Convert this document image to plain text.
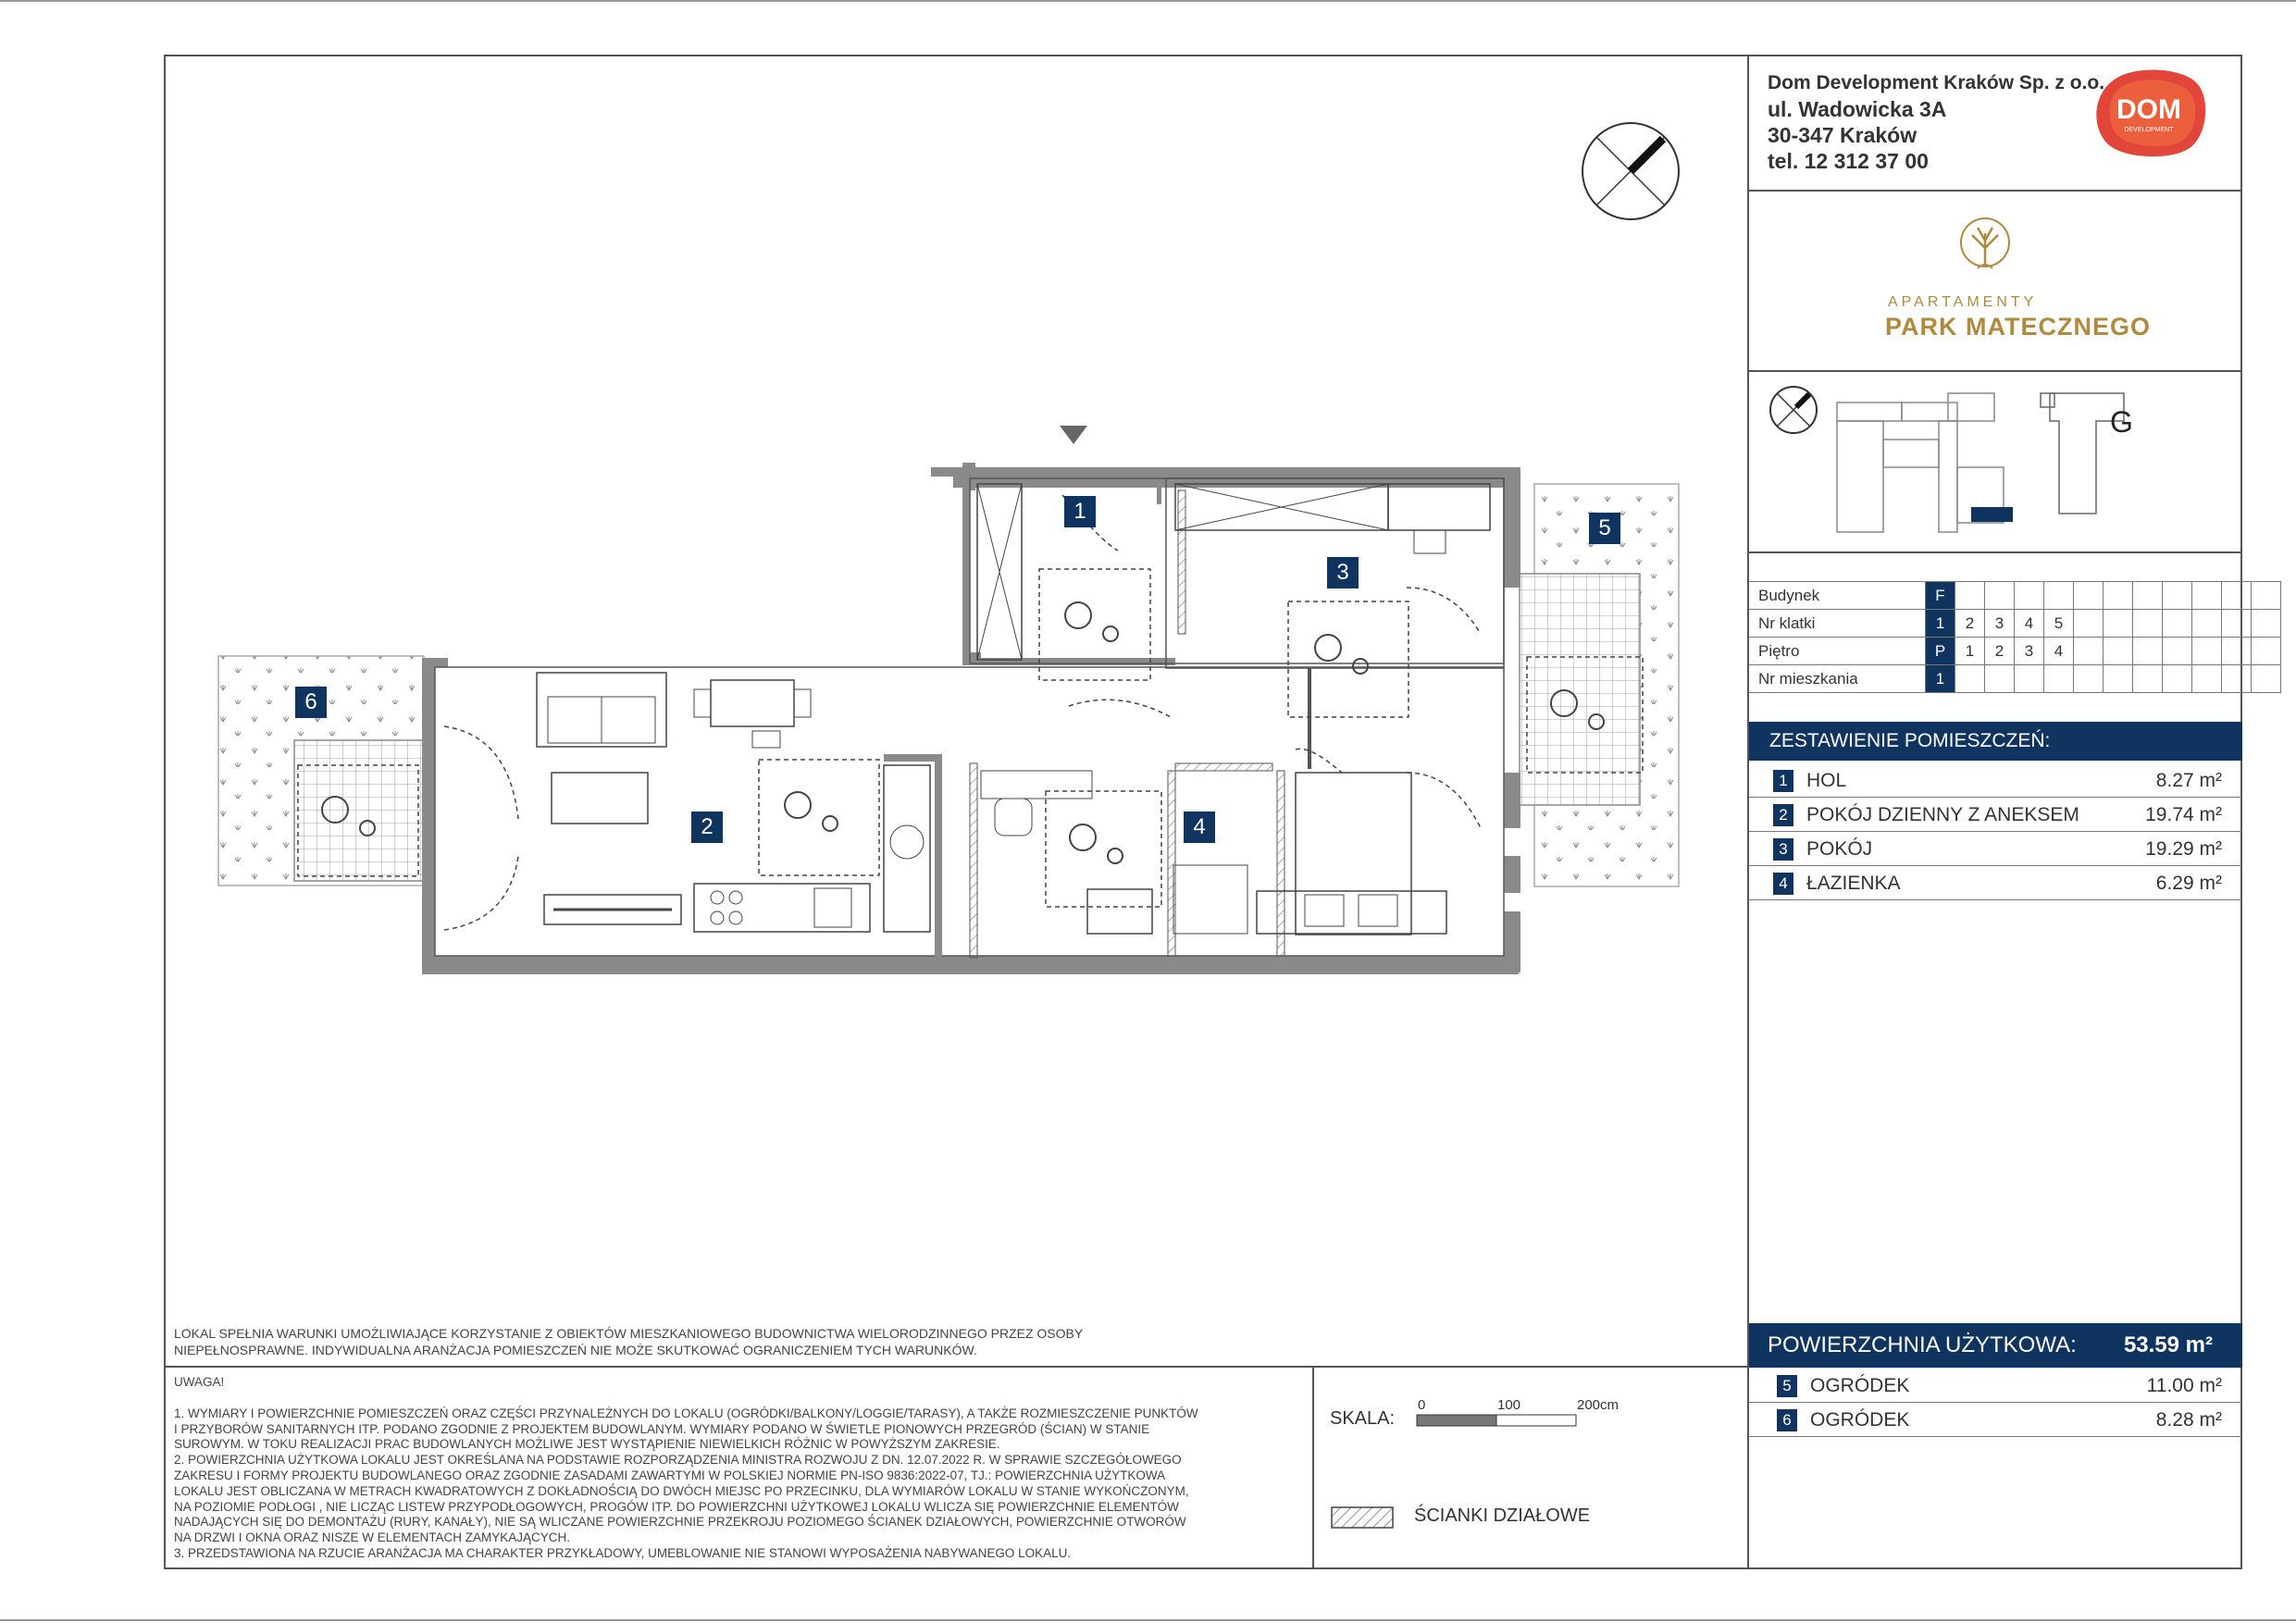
Dom Development Kraków Sp. z o.o.
ul. Wadowicka 3A
30-347 Kraków
tel. 12 312 37 00
DOM
DEVELOPMENT
APARTAMENTY
PARK MATECZNEGO
G
Budynek	F											
Nr klatki	1	2	3	4	5							
Piętro	P	1	2	3	4							
Nr mieszkania	1											
ZESTAWIENIE POMIESZCZEŃ:
1 HOL	8.27 m²
2 POKÓJ DZIENNY Z ANEKSEM	19.74 m²
3 POKÓJ	19.29 m²
4 ŁAZIENKA	6.29 m²
POWIERZCHNIA UŻYTKOWA: 53.59 m²
5 OGRÓDEK	11.00 m²
6 OGRÓDEK	8.28 m²
1
2
3
4
5
6
LOKAL SPEŁNIA WARUNKI UMOŻLIWIAJĄCE KORZYSTANIE Z OBIEKTÓW MIESZKANIOWEGO BUDOWNICTWA WIELORODZINNEGO PRZEZ OSOBY
NIEPEŁNOSPRAWNE. INDYWIDUALNA ARANŻACJA POMIESZCZEŃ NIE MOŻE SKUTKOWAĆ OGRANICZENIEM TYCH WARUNKÓW.
UWAGA!
1. WYMIARY I POWIERZCHNIE POMIESZCZEŃ ORAZ CZĘŚCI PRZYNALEŻNYCH DO LOKALU (OGRÓDKI/BALKONY/LOGGIE/TARASY), A TAKŻE ROZMIESZCZENIE PUNKTÓW
I PRZYBORÓW SANITARNYCH ITP. PODANO ZGODNIE Z PROJEKTEM BUDOWLANYM. WYMIARY PODANO W ŚWIETLE PIONOWYCH PRZEGRÓD (ŚCIAN) W STANIE
SUROWYM. W TOKU REALIZACJI PRAC BUDOWLANYCH MOŻLIWE JEST WYSTĄPIENIE NIEWIELKICH RÓŻNIC W POWYŻSZYM ZAKRESIE.
2. POWIERZCHNIA UŻYTKOWA LOKALU JEST OKREŚLANA NA PODSTAWIE ROZPORZĄDZENIA MINISTRA ROZWOJU Z DN. 12.07.2022 R. W SPRAWIE SZCZEGÓŁOWEGO
ZAKRESU I FORMY PROJEKTU BUDOWLANEGO ORAZ ZGODNIE ZASADAMI ZAWARTYMI W POLSKIEJ NORMIE PN-ISO 9836:2022-07, TJ.: POWIERZCHNIA UŻYTKOWA
LOKALU JEST OBLICZANA W METRACH KWADRATOWYCH Z DOKŁADNOŚCIĄ DO DWÓCH MIEJSC PO PRZECINKU, DLA WYMIARÓW LOKALU W STANIE WYKOŃCZONYM,
NA POZIOMIE PODŁOGI , NIE LICZĄC LISTEW PRZYPODŁOGOWYCH, PROGÓW ITP. DO POWIERZCHNI UŻYTKOWEJ LOKALU WLICZA SIĘ POWIERZCHNIE ELEMENTÓW
NADAJĄCYCH SIĘ DO DEMONTAŻU (RURY, KANAŁY), NIE SĄ WLICZANE POWIERZCHNIE PRZEKROJU POZIOMEGO ŚCIANEK DZIAŁOWYCH, POWIERZCHNIE OTWORÓW
NA DRZWI I OKNA ORAZ NISZE W ELEMENTACH ZAMYKAJĄCYCH.
3. PRZEDSTAWIONA NA RZUCIE ARANŻACJA MA CHARAKTER PRZYKŁADOWY, UMEBLOWANIE NIE STANOWI WYPOSAŻENIA NABYWANEGO LOKALU.
SKALA:
0	100	200cm
ŚCIANKI DZIAŁOWE
